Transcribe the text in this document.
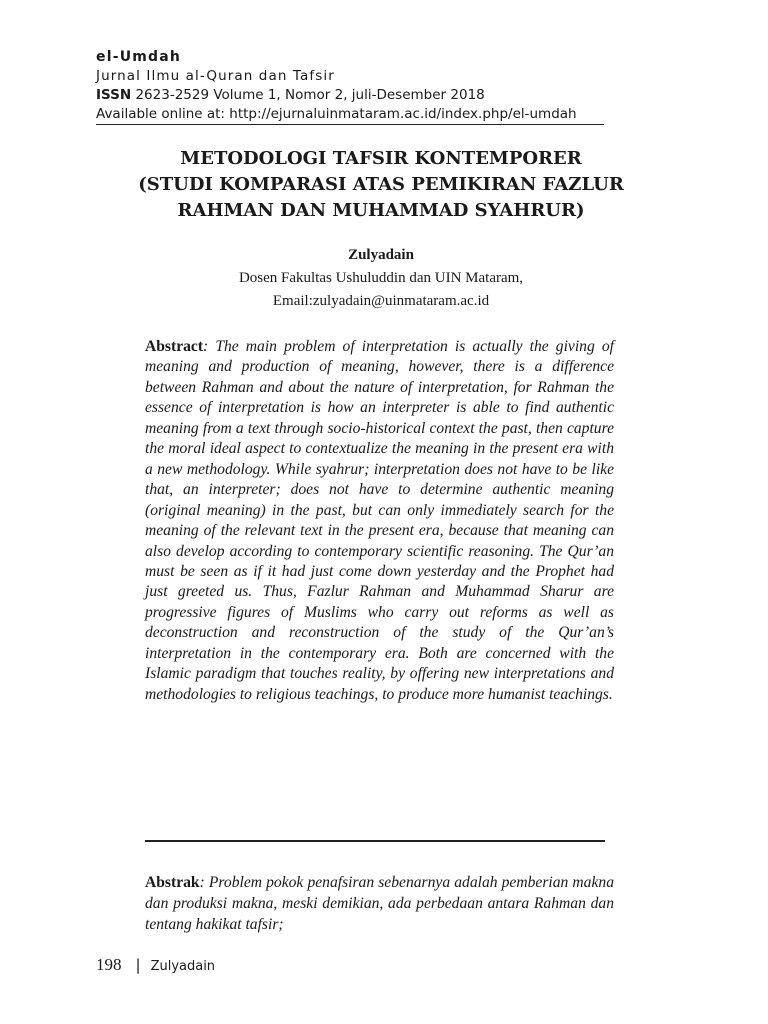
el-Umdah
Jurnal Ilmu al-Quran dan Tafsir
ISSN 2623-2529 Volume 1, Nomor 2, juli-Desember 2018
Available online at: http://ejurnaluinmataram.ac.id/index.php/el-umdah
METODOLOGI TAFSIR KONTEMPORER
(STUDI KOMPARASI ATAS PEMIKIRAN FAZLUR
RAHMAN DAN MUHAMMAD SYAHRUR)
Zulyadain
Dosen Fakultas Ushuluddin dan UIN Mataram,
Email:zulyadain@uinmataram.ac.id

Abstract: The main problem of interpretation is actually the giving of meaning and production of meaning, however, there is a difference between Rahman and about the nature of interpretation, for Rahman the essence of interpretation is how an interpreter is able to find authentic meaning from a text through socio-historical context the past, then capture the moral ideal aspect to contextualize the meaning in the present era with a new methodology. While syahrur; interpretation does not have to be like that, an interpreter; does not have to determine authentic meaning (original meaning) in the past, but can only immediately search for the meaning of the relevant text in the present era, because that meaning can also develop according to contemporary scientific reasoning. The Qur’an must be seen as if it had just come down yesterday and the Prophet had just greeted us. Thus, Fazlur Rahman and Muhammad Sharur are progressive figures of Muslims who carry out reforms as well as deconstruction and reconstruction of the study of the Qur’an’s interpretation in the contemporary era. Both are concerned with the Islamic paradigm that touches reality, by offering new interpretations and methodologies to religious teachings, to produce more humanist teachings.

Abstrak: Problem pokok penafsiran sebenarnya adalah pemberian makna dan produksi makna, meski demikian, ada perbedaan antara Rahman dan tentang hakikat tafsir;

198 | Zulyadain
